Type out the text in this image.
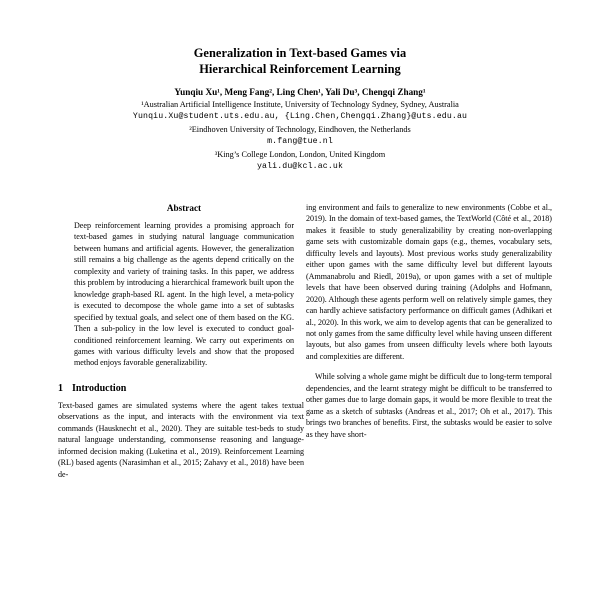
Generalization in Text-based Games via
Hierarchical Reinforcement Learning
Yunqiu Xu¹, Meng Fang², Ling Chen¹, Yali Du³, Chengqi Zhang¹
¹Australian Artificial Intelligence Institute, University of Technology Sydney, Sydney, Australia
Yunqiu.Xu@student.uts.edu.au, {Ling.Chen,Chengqi.Zhang}@uts.edu.au
²Eindhoven University of Technology, Eindhoven, the Netherlands
m.fang@tue.nl
³King’s College London, London, United Kingdom
yali.du@kcl.ac.uk
Abstract

Deep reinforcement learning provides a promising approach for text-based games in studying natural language communication between humans and artificial agents. However, the generalization still remains a big challenge as the agents depend critically on the complexity and variety of training tasks. In this paper, we address this problem by introducing a hierarchical framework built upon the knowledge graph-based RL agent. In the high level, a meta-policy is executed to decompose the whole game into a set of subtasks specified by textual goals, and select one of them based on the KG. Then a sub-policy in the low level is executed to conduct goal-conditioned reinforcement learning. We carry out experiments on games with various difficulty levels and show that the proposed method enjoys favorable generalizability.

1 Introduction

Text-based games are simulated systems where the agent takes textual observations as the input, and interacts with the environment via text commands (Hausknecht et al., 2020). They are suitable test-beds to study natural language understanding, commonsense reasoning and language-informed decision making (Luketina et al., 2019). Reinforcement Learning (RL) based agents (Narasimhan et al., 2015; Zahavy et al., 2018) have been de-

ing environment and fails to generalize to new environments (Cobbe et al., 2019). In the domain of text-based games, the TextWorld (Côté et al., 2018) makes it feasible to study generalizability by creating non-overlapping game sets with customizable domain gaps (e.g., themes, vocabulary sets, difficulty levels and layouts). Most previous works study generalizability either upon games with the same difficulty level but different layouts (Ammanabrolu and Riedl, 2019a), or upon games with a set of multiple levels that have been observed during training (Adolphs and Hofmann, 2020). Although these agents perform well on relatively simple games, they can hardly achieve satisfactory performance on difficult games (Adhikari et al., 2020). In this work, we aim to develop agents that can be generalized to not only games from the same difficulty level while having unseen different layouts, but also games from unseen difficulty levels where both layouts and complexities are different.

While solving a whole game might be difficult due to long-term temporal dependencies, and the learnt strategy might be difficult to be transferred to other games due to large domain gaps, it would be more flexible to treat the game as a sketch of subtasks (Andreas et al., 2017; Oh et al., 2017). This brings two branches of benefits. First, the subtasks would be easier to solve as they have short-
